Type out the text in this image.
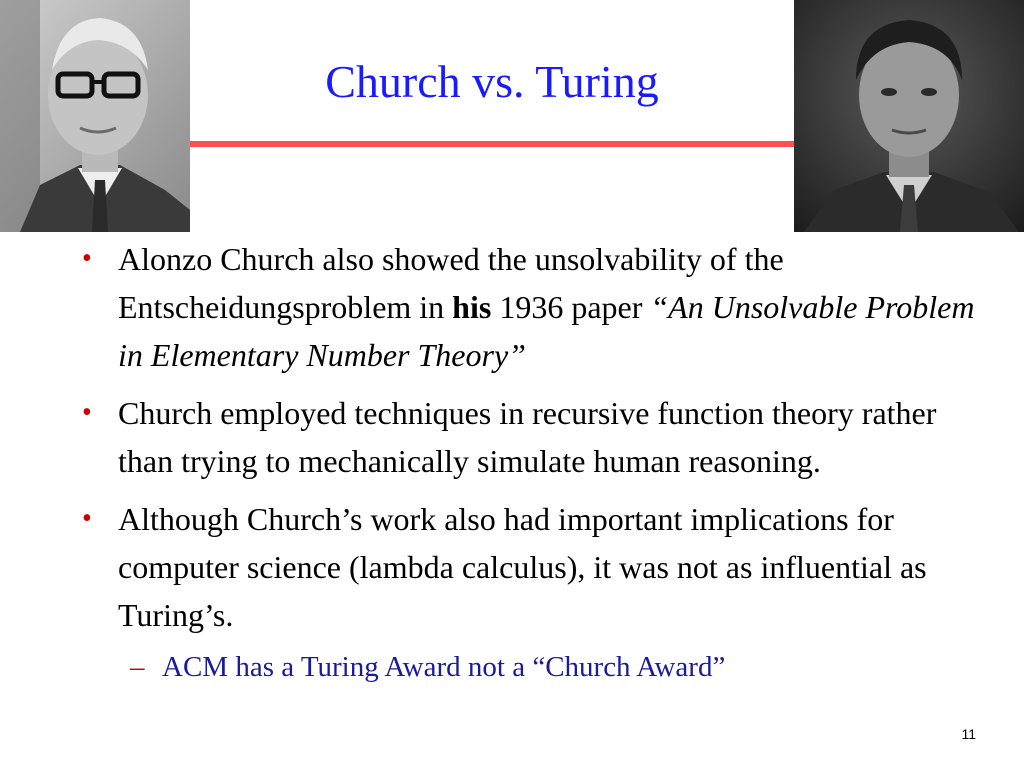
Church vs. Turing
• Alonzo Church also showed the unsolvability of the Entscheidungsproblem in his 1936 paper “An Unsolvable Problem in Elementary Number Theory”
• Church employed techniques in recursive function theory rather than trying to mechanically simulate human reasoning.
• Although Church’s work also had important implications for computer science (lambda calculus), it was not as influential as Turing’s.
– ACM has a Turing Award not a “Church Award”
11
